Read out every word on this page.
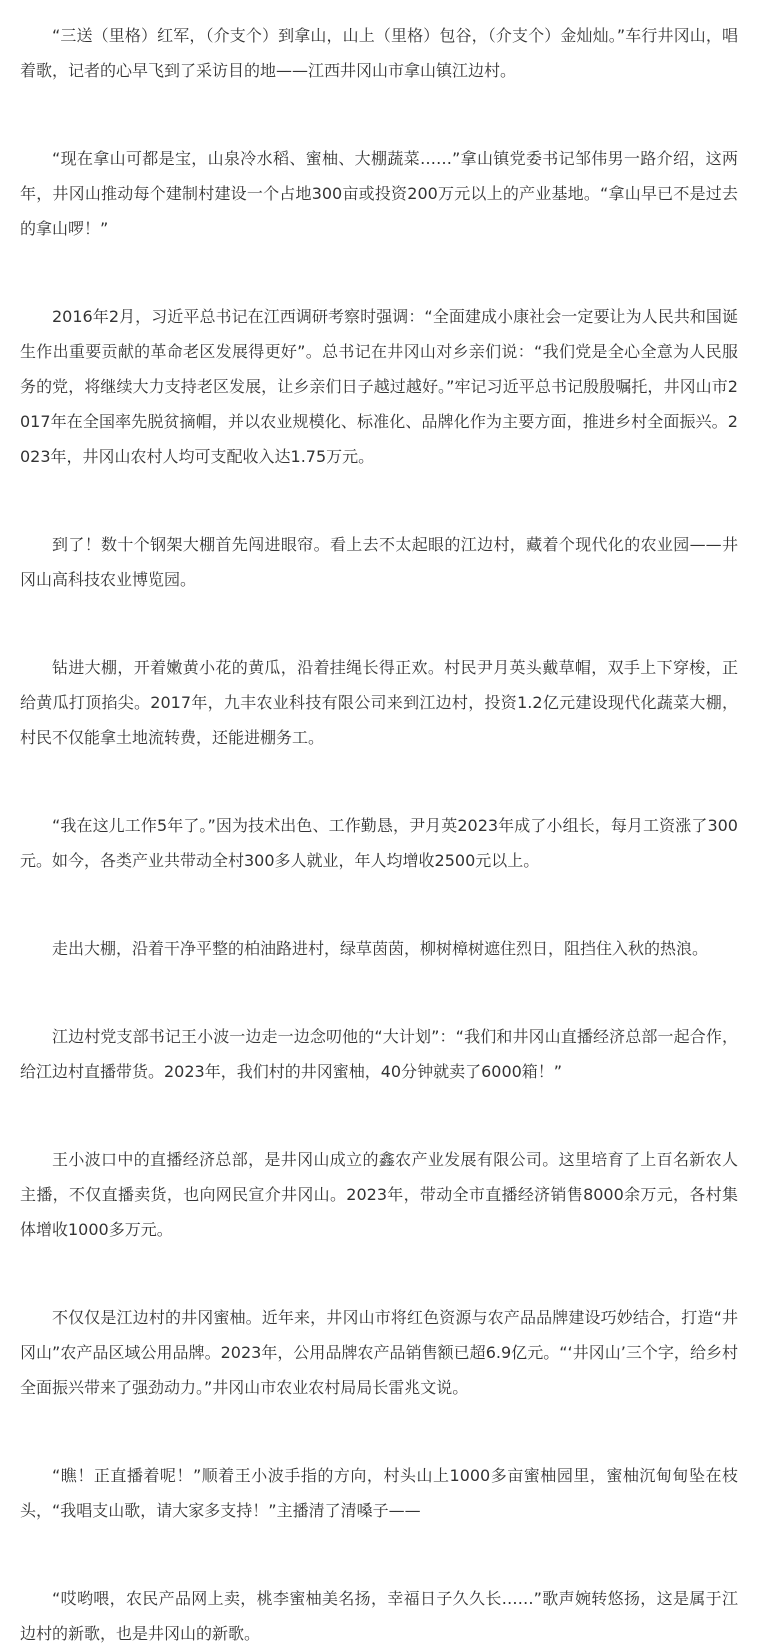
“三送（里格）红军，（介支个）到拿山，山上（里格）包谷，（介支个）金灿灿。”车行井冈山，唱着歌，记者的心早飞到了采访目的地——江西井冈山市拿山镇江边村。

“现在拿山可都是宝，山泉冷水稻、蜜柚、大棚蔬菜……”拿山镇党委书记邹伟男一路介绍，这两年，井冈山推动每个建制村建设一个占地300亩或投资200万元以上的产业基地。“拿山早已不是过去的拿山啰！”

2016年2月，习近平总书记在江西调研考察时强调：“全面建成小康社会一定要让为人民共和国诞生作出重要贡献的革命老区发展得更好”。总书记在井冈山对乡亲们说：“我们党是全心全意为人民服务的党，将继续大力支持老区发展，让乡亲们日子越过越好。”牢记习近平总书记殷殷嘱托，井冈山市2017年在全国率先脱贫摘帽，并以农业规模化、标准化、品牌化作为主要方面，推进乡村全面振兴。2023年，井冈山农村人均可支配收入达1.75万元。

到了！数十个钢架大棚首先闯进眼帘。看上去不太起眼的江边村，藏着个现代化的农业园——井冈山高科技农业博览园。

钻进大棚，开着嫩黄小花的黄瓜，沿着挂绳长得正欢。村民尹月英头戴草帽，双手上下穿梭，正给黄瓜打顶掐尖。2017年，九丰农业科技有限公司来到江边村，投资1.2亿元建设现代化蔬菜大棚，村民不仅能拿土地流转费，还能进棚务工。

“我在这儿工作5年了。”因为技术出色、工作勤恳，尹月英2023年成了小组长，每月工资涨了300元。如今，各类产业共带动全村300多人就业，年人均增收2500元以上。

走出大棚，沿着干净平整的柏油路进村，绿草茵茵，柳树樟树遮住烈日，阻挡住入秋的热浪。

江边村党支部书记王小波一边走一边念叨他的“大计划”：“我们和井冈山直播经济总部一起合作，给江边村直播带货。2023年，我们村的井冈蜜柚，40分钟就卖了6000箱！”

王小波口中的直播经济总部，是井冈山成立的鑫农产业发展有限公司。这里培育了上百名新农人主播，不仅直播卖货，也向网民宣介井冈山。2023年，带动全市直播经济销售8000余万元，各村集体增收1000多万元。

不仅仅是江边村的井冈蜜柚。近年来，井冈山市将红色资源与农产品品牌建设巧妙结合，打造“井冈山”农产品区域公用品牌。2023年，公用品牌农产品销售额已超6.9亿元。“‘井冈山’三个字，给乡村全面振兴带来了强劲动力。”井冈山市农业农村局局长雷兆文说。

“瞧！正直播着呢！”顺着王小波手指的方向，村头山上1000多亩蜜柚园里，蜜柚沉甸甸坠在枝头，“我唱支山歌，请大家多支持！”主播清了清嗓子——

“哎哟喂，农民产品网上卖，桃李蜜柚美名扬，幸福日子久久长……”歌声婉转悠扬，这是属于江边村的新歌，也是井冈山的新歌。
